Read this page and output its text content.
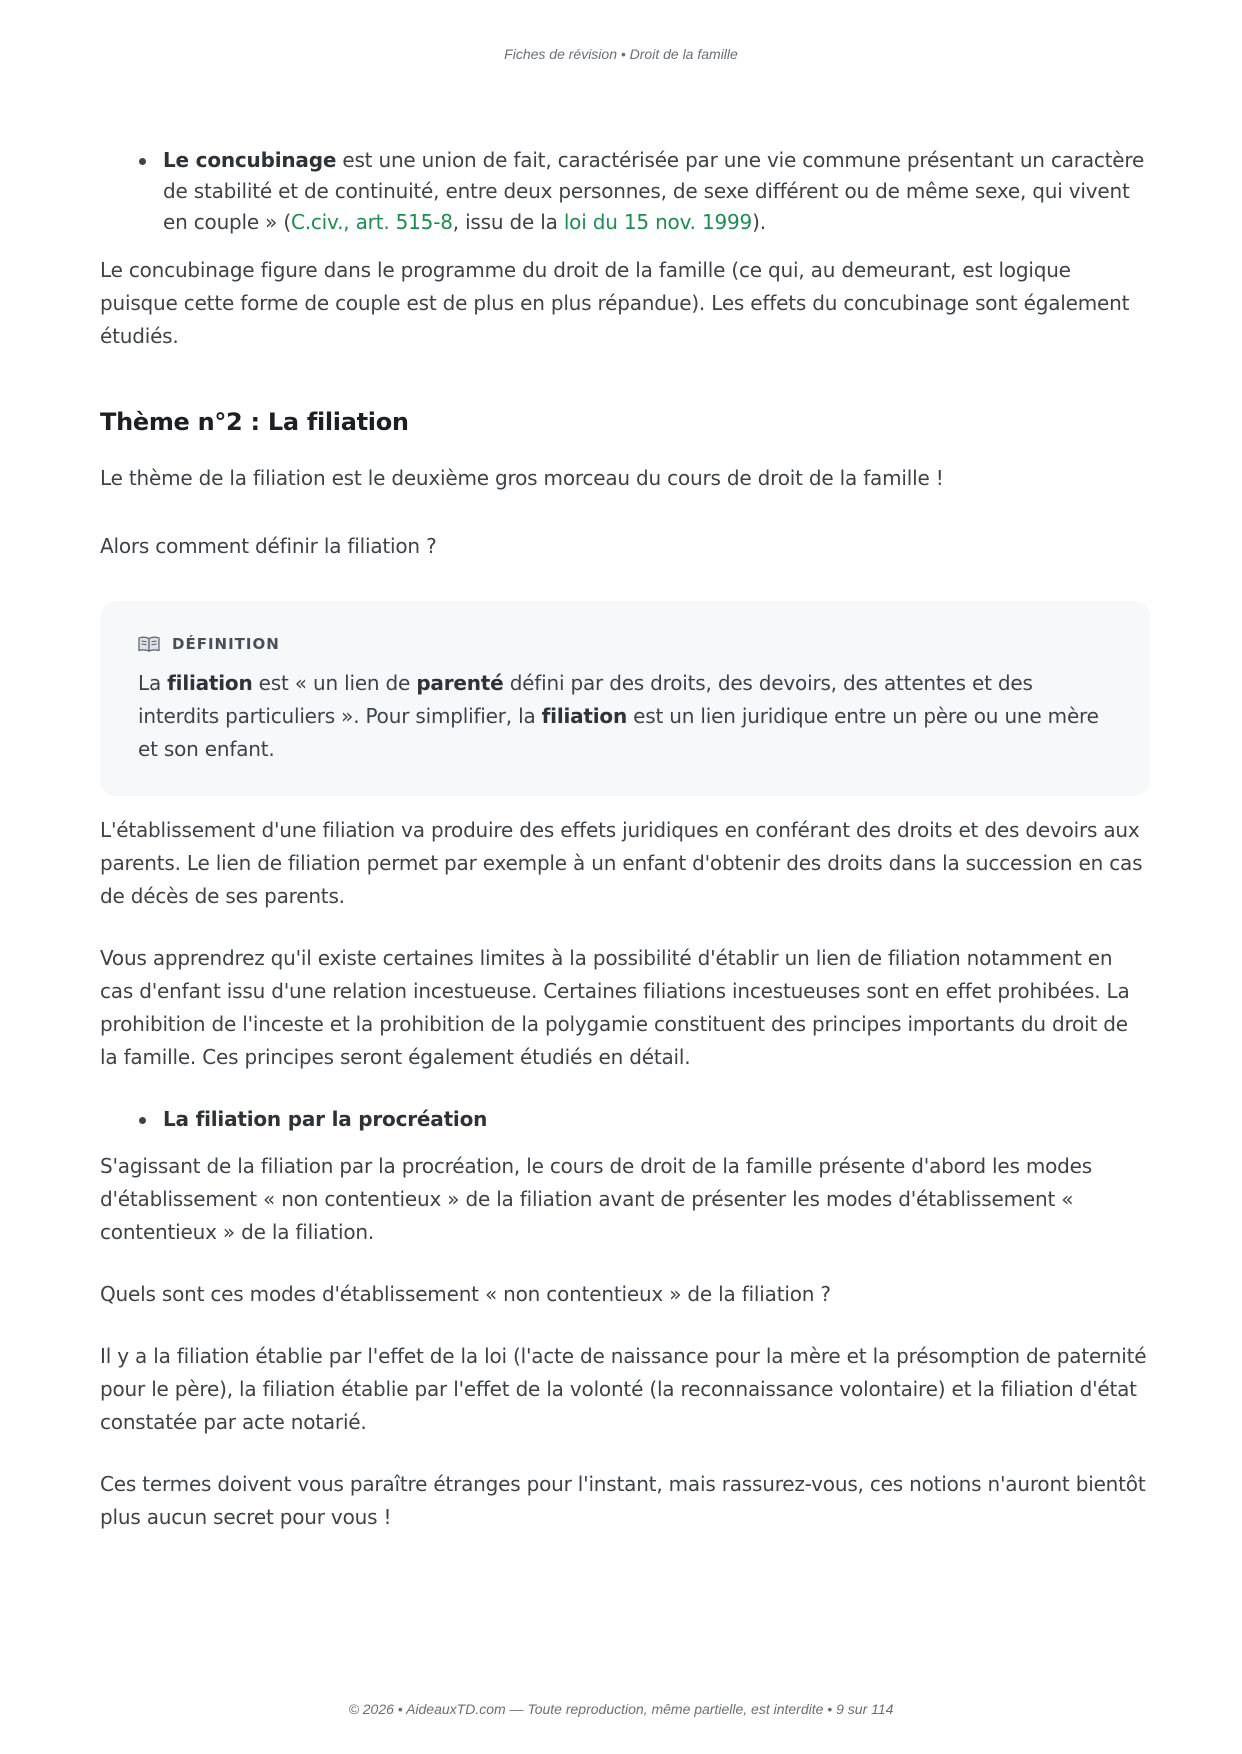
Fiches de révision • Droit de la famille
Le concubinage est une union de fait, caractérisée par une vie commune présentant un caractère de stabilité et de continuité, entre deux personnes, de sexe différent ou de même sexe, qui vivent en couple » (C.civ., art. 515-8, issu de la loi du 15 nov. 1999).

Le concubinage figure dans le programme du droit de la famille (ce qui, au demeurant, est logique puisque cette forme de couple est de plus en plus répandue). Les effets du concubinage sont également étudiés.

Thème n°2 : La filiation

Le thème de la filiation est le deuxième gros morceau du cours de droit de la famille !

Alors comment définir la filiation ?

DÉFINITION

La filiation est « un lien de parenté défini par des droits, des devoirs, des attentes et des interdits particuliers ». Pour simplifier, la filiation est un lien juridique entre un père ou une mère et son enfant.

L'établissement d'une filiation va produire des effets juridiques en conférant des droits et des devoirs aux parents. Le lien de filiation permet par exemple à un enfant d'obtenir des droits dans la succession en cas de décès de ses parents.

Vous apprendrez qu'il existe certaines limites à la possibilité d'établir un lien de filiation notamment en cas d'enfant issu d'une relation incestueuse. Certaines filiations incestueuses sont en effet prohibées. La prohibition de l'inceste et la prohibition de la polygamie constituent des principes importants du droit de la famille. Ces principes seront également étudiés en détail.

La filiation par la procréation

S'agissant de la filiation par la procréation, le cours de droit de la famille présente d'abord les modes d'établissement « non contentieux » de la filiation avant de présenter les modes d'établissement « contentieux » de la filiation.

Quels sont ces modes d'établissement « non contentieux » de la filiation ?

Il y a la filiation établie par l'effet de la loi (l'acte de naissance pour la mère et la présomption de paternité pour le père), la filiation établie par l'effet de la volonté (la reconnaissance volontaire) et la filiation d'état constatée par acte notarié.

Ces termes doivent vous paraître étranges pour l'instant, mais rassurez-vous, ces notions n'auront bientôt plus aucun secret pour vous !

© 2026 • AideauxTD.com — Toute reproduction, même partielle, est interdite • 9 sur 114
